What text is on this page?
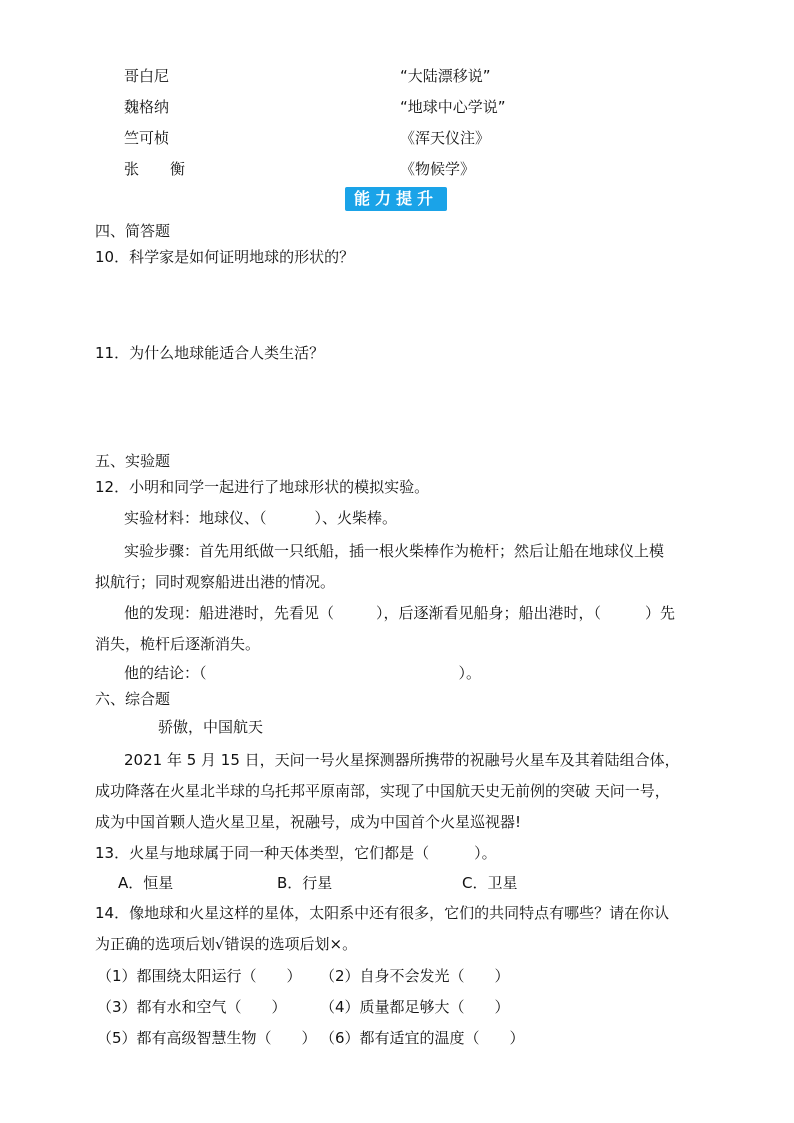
哥白尼	“大陆漂移说”
魏格纳	“地球中心学说”
竺可桢	《浑天仪注》
张　衡	《物候学》
能力提升
四、简答题
10．科学家是如何证明地球的形状的？
11．为什么地球能适合人类生活？
五、实验题
12．小明和同学一起进行了地球形状的模拟实验。
实验材料：地球仪、（	）、火柴棒。
实验步骤：首先用纸做一只纸船，插一根火柴棒作为桅杆；然后让船在地球仪上模
拟航行；同时观察船进出港的情况。
他的发现：船进港时，先看见（	），后逐渐看见船身；船出港时，（	）先
消失，桅杆后逐渐消失。
他的结论：（	）。
六、综合题
骄傲，中国航天
2021 年 5 月 15 日，天问一号火星探测器所携带的祝融号火星车及其着陆组合体，
成功降落在火星北半球的乌托邦平原南部，实现了中国航天史无前例的突破 天问一号，
成为中国首颗人造火星卫星，祝融号，成为中国首个火星巡视器!
13．火星与地球属于同一种天体类型，它们都是（　　　）。
A．恒星	B．行星	C．卫星
14．像地球和火星这样的星体，太阳系中还有很多，它们的共同特点有哪些？请在你认
为正确的选项后划√错误的选项后划×。
（1）都围绕太阳运行（　　） （2）自身不会发光（　　）
（3）都有水和空气（　　） （4）质量都足够大（　　）
（5）都有高级智慧生物（　　） （6）都有适宜的温度（　　）
